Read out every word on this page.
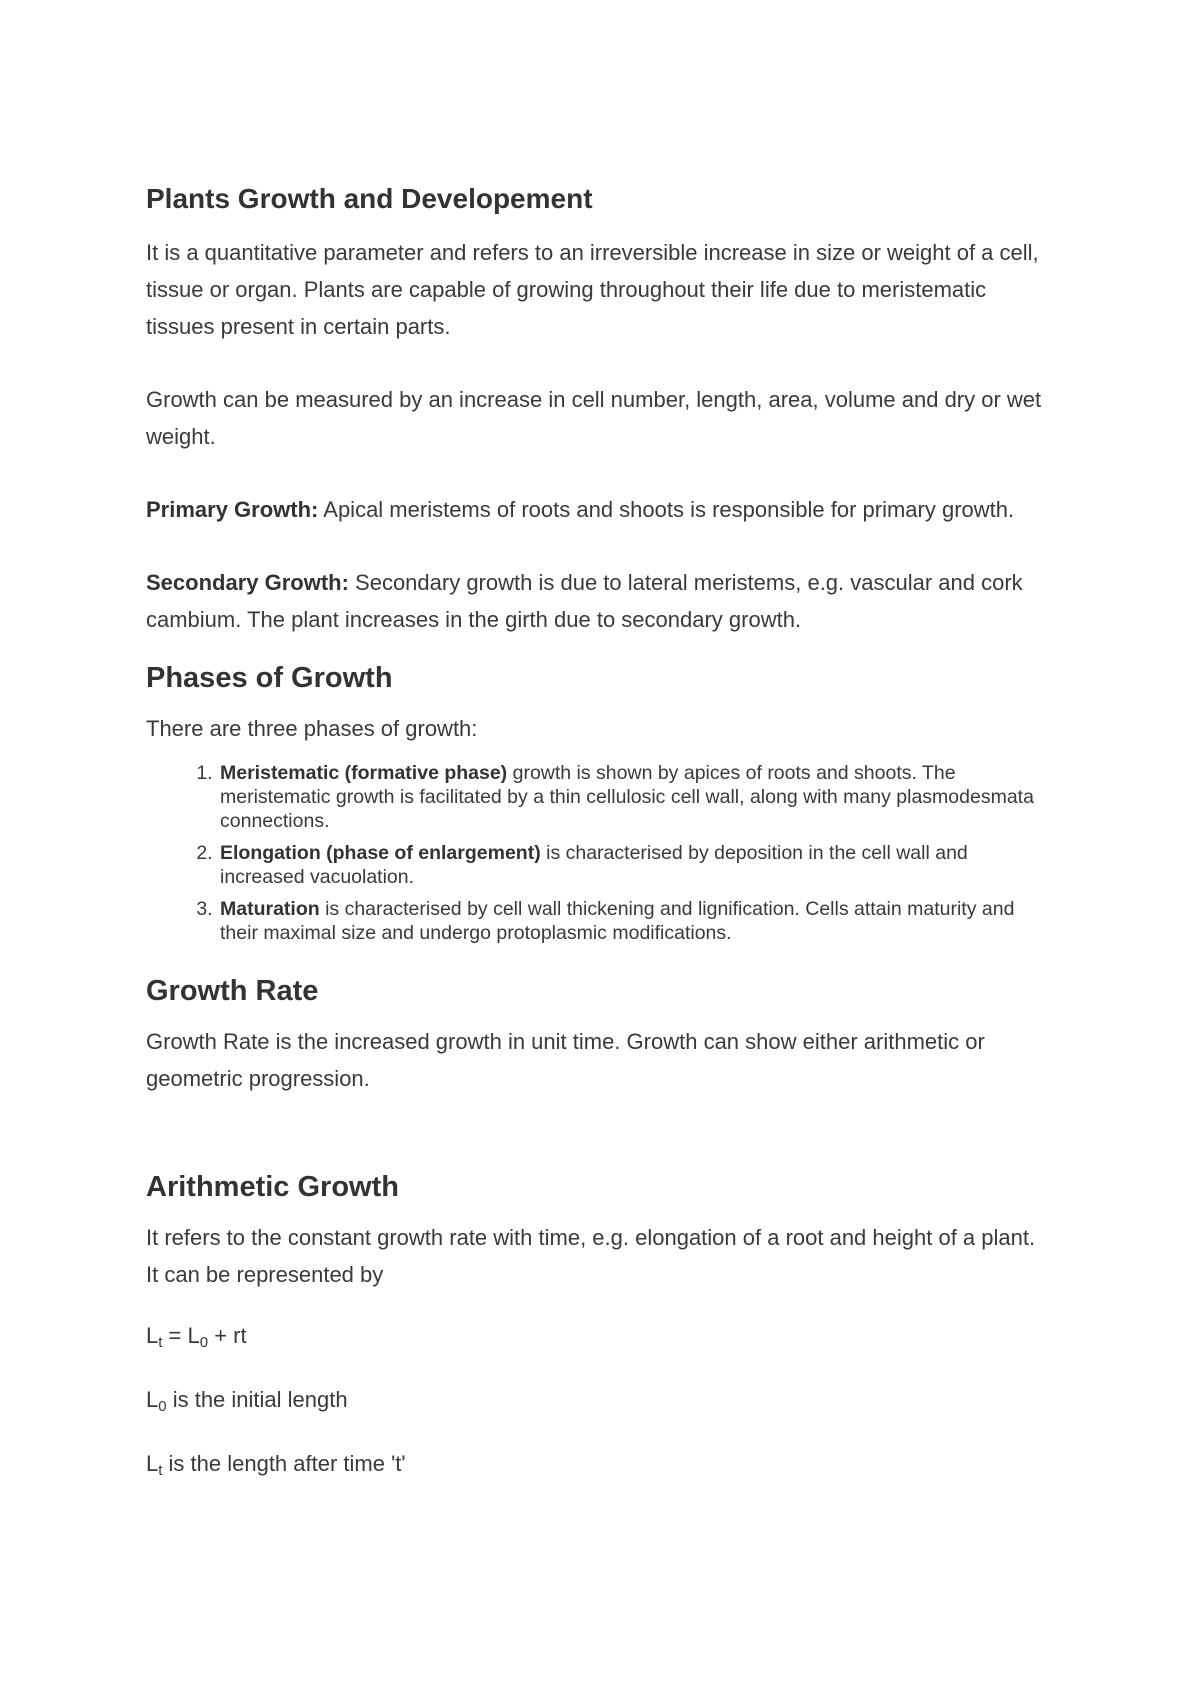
Plants Growth and Developement

It is a quantitative parameter and refers to an irreversible increase in size or weight of a cell, tissue or organ. Plants are capable of growing throughout their life due to meristematic tissues present in certain parts.

Growth can be measured by an increase in cell number, length, area, volume and dry or wet weight.

Primary Growth: Apical meristems of roots and shoots is responsible for primary growth.

Secondary Growth: Secondary growth is due to lateral meristems, e.g. vascular and cork cambium. The plant increases in the girth due to secondary growth.

Phases of Growth

There are three phases of growth:

1. Meristematic (formative phase) growth is shown by apices of roots and shoots. The meristematic growth is facilitated by a thin cellulosic cell wall, along with many plasmodesmata connections.
2. Elongation (phase of enlargement) is characterised by deposition in the cell wall and increased vacuolation.
3. Maturation is characterised by cell wall thickening and lignification. Cells attain maturity and their maximal size and undergo protoplasmic modifications.
Growth Rate

Growth Rate is the increased growth in unit time. Growth can show either arithmetic or geometric progression.

Arithmetic Growth

It refers to the constant growth rate with time, e.g. elongation of a root and height of a plant. It can be represented by

Lt = L0 + rt

L0 is the initial length

Lt is the length after time 't'
